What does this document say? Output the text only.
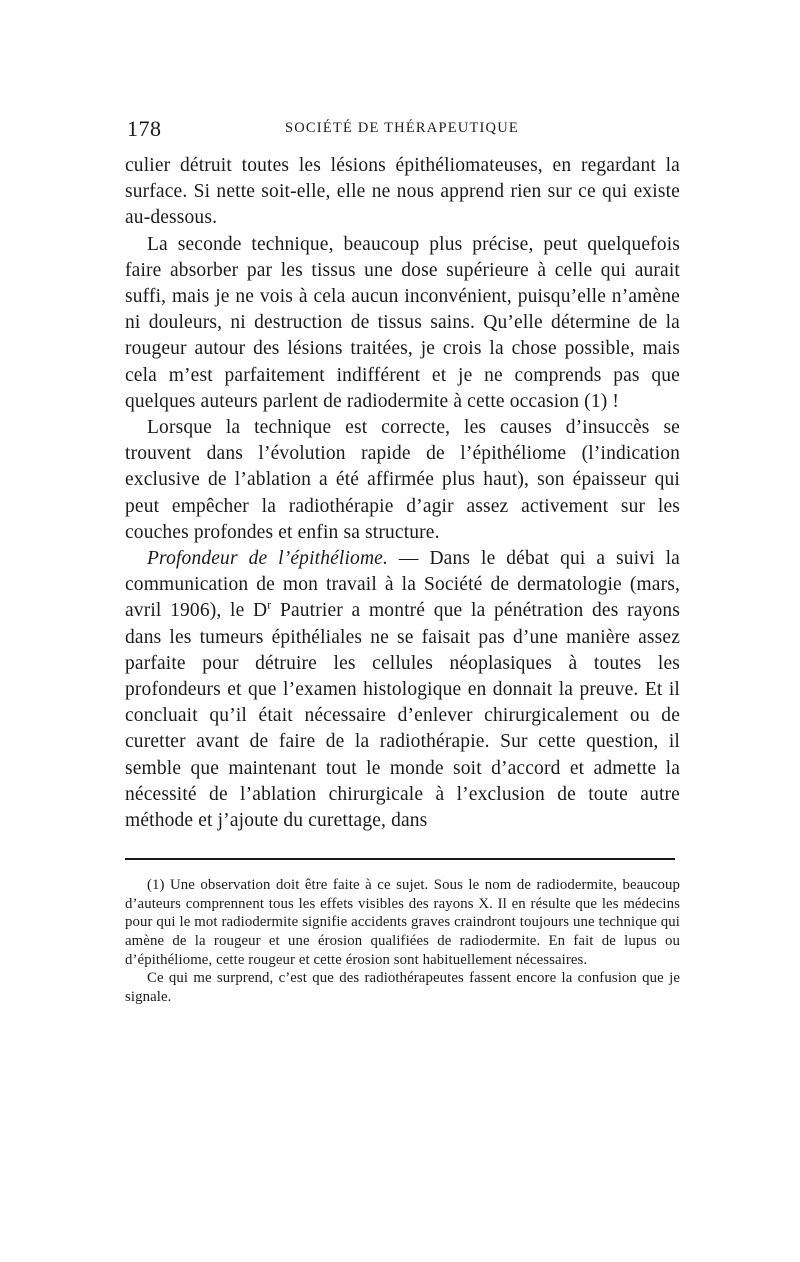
178	SOCIÉTÉ DE THÉRAPEUTIQUE

culier détruit toutes les lésions épithéliomateuses, en regardant la surface. Si nette soit-elle, elle ne nous apprend rien sur ce qui existe au-dessous.

La seconde technique, beaucoup plus précise, peut quelquefois faire absorber par les tissus une dose supérieure à celle qui aurait suffi, mais je ne vois à cela aucun inconvénient, puisqu’elle n’amène ni douleurs, ni destruction de tissus sains. Qu’elle détermine de la rougeur autour des lésions traitées, je crois la chose possible, mais cela m’est parfaitement indifférent et je ne comprends pas que quelques auteurs parlent de radiodermite à cette occasion (1) !

Lorsque la technique est correcte, les causes d’insuccès se trouvent dans l’évolution rapide de l’épithéliome (l’indication exclusive de l’ablation a été affirmée plus haut), son épaisseur qui peut empêcher la radiothérapie d’agir assez activement sur les couches profondes et enfin sa structure.

Profondeur de l’épithéliome. — Dans le débat qui a suivi la communication de mon travail à la Société de dermatologie (mars, avril 1906), le $D^r$ Pautrier a montré que la pénétration des rayons dans les tumeurs épithéliales ne se faisait pas d’une manière assez parfaite pour détruire les cellules néoplasiques à toutes les profondeurs et que l’examen histologique en donnait la preuve. Et il concluait qu’il était nécessaire d’enlever chirurgicalement ou de curetter avant de faire de la radiothérapie. Sur cette question, il semble que maintenant tout le monde soit d’accord et admette la nécessité de l’ablation chirurgicale à l’exclusion de toute autre méthode et j’ajoute du curettage, dans

(1) Une observation doit être faite à ce sujet. Sous le nom de radiodermite, beaucoup d’auteurs comprennent tous les effets visibles des rayons X. Il en résulte que les médecins pour qui le mot radiodermite signifie accidents graves craindront toujours une technique qui amène de la rougeur et une érosion qualifiées de radiodermite. En fait de lupus ou d’épithéliome, cette rougeur et cette érosion sont habituellement nécessaires.

Ce qui me surprend, c’est que des radiothérapeutes fassent encore la confusion que je signale.
